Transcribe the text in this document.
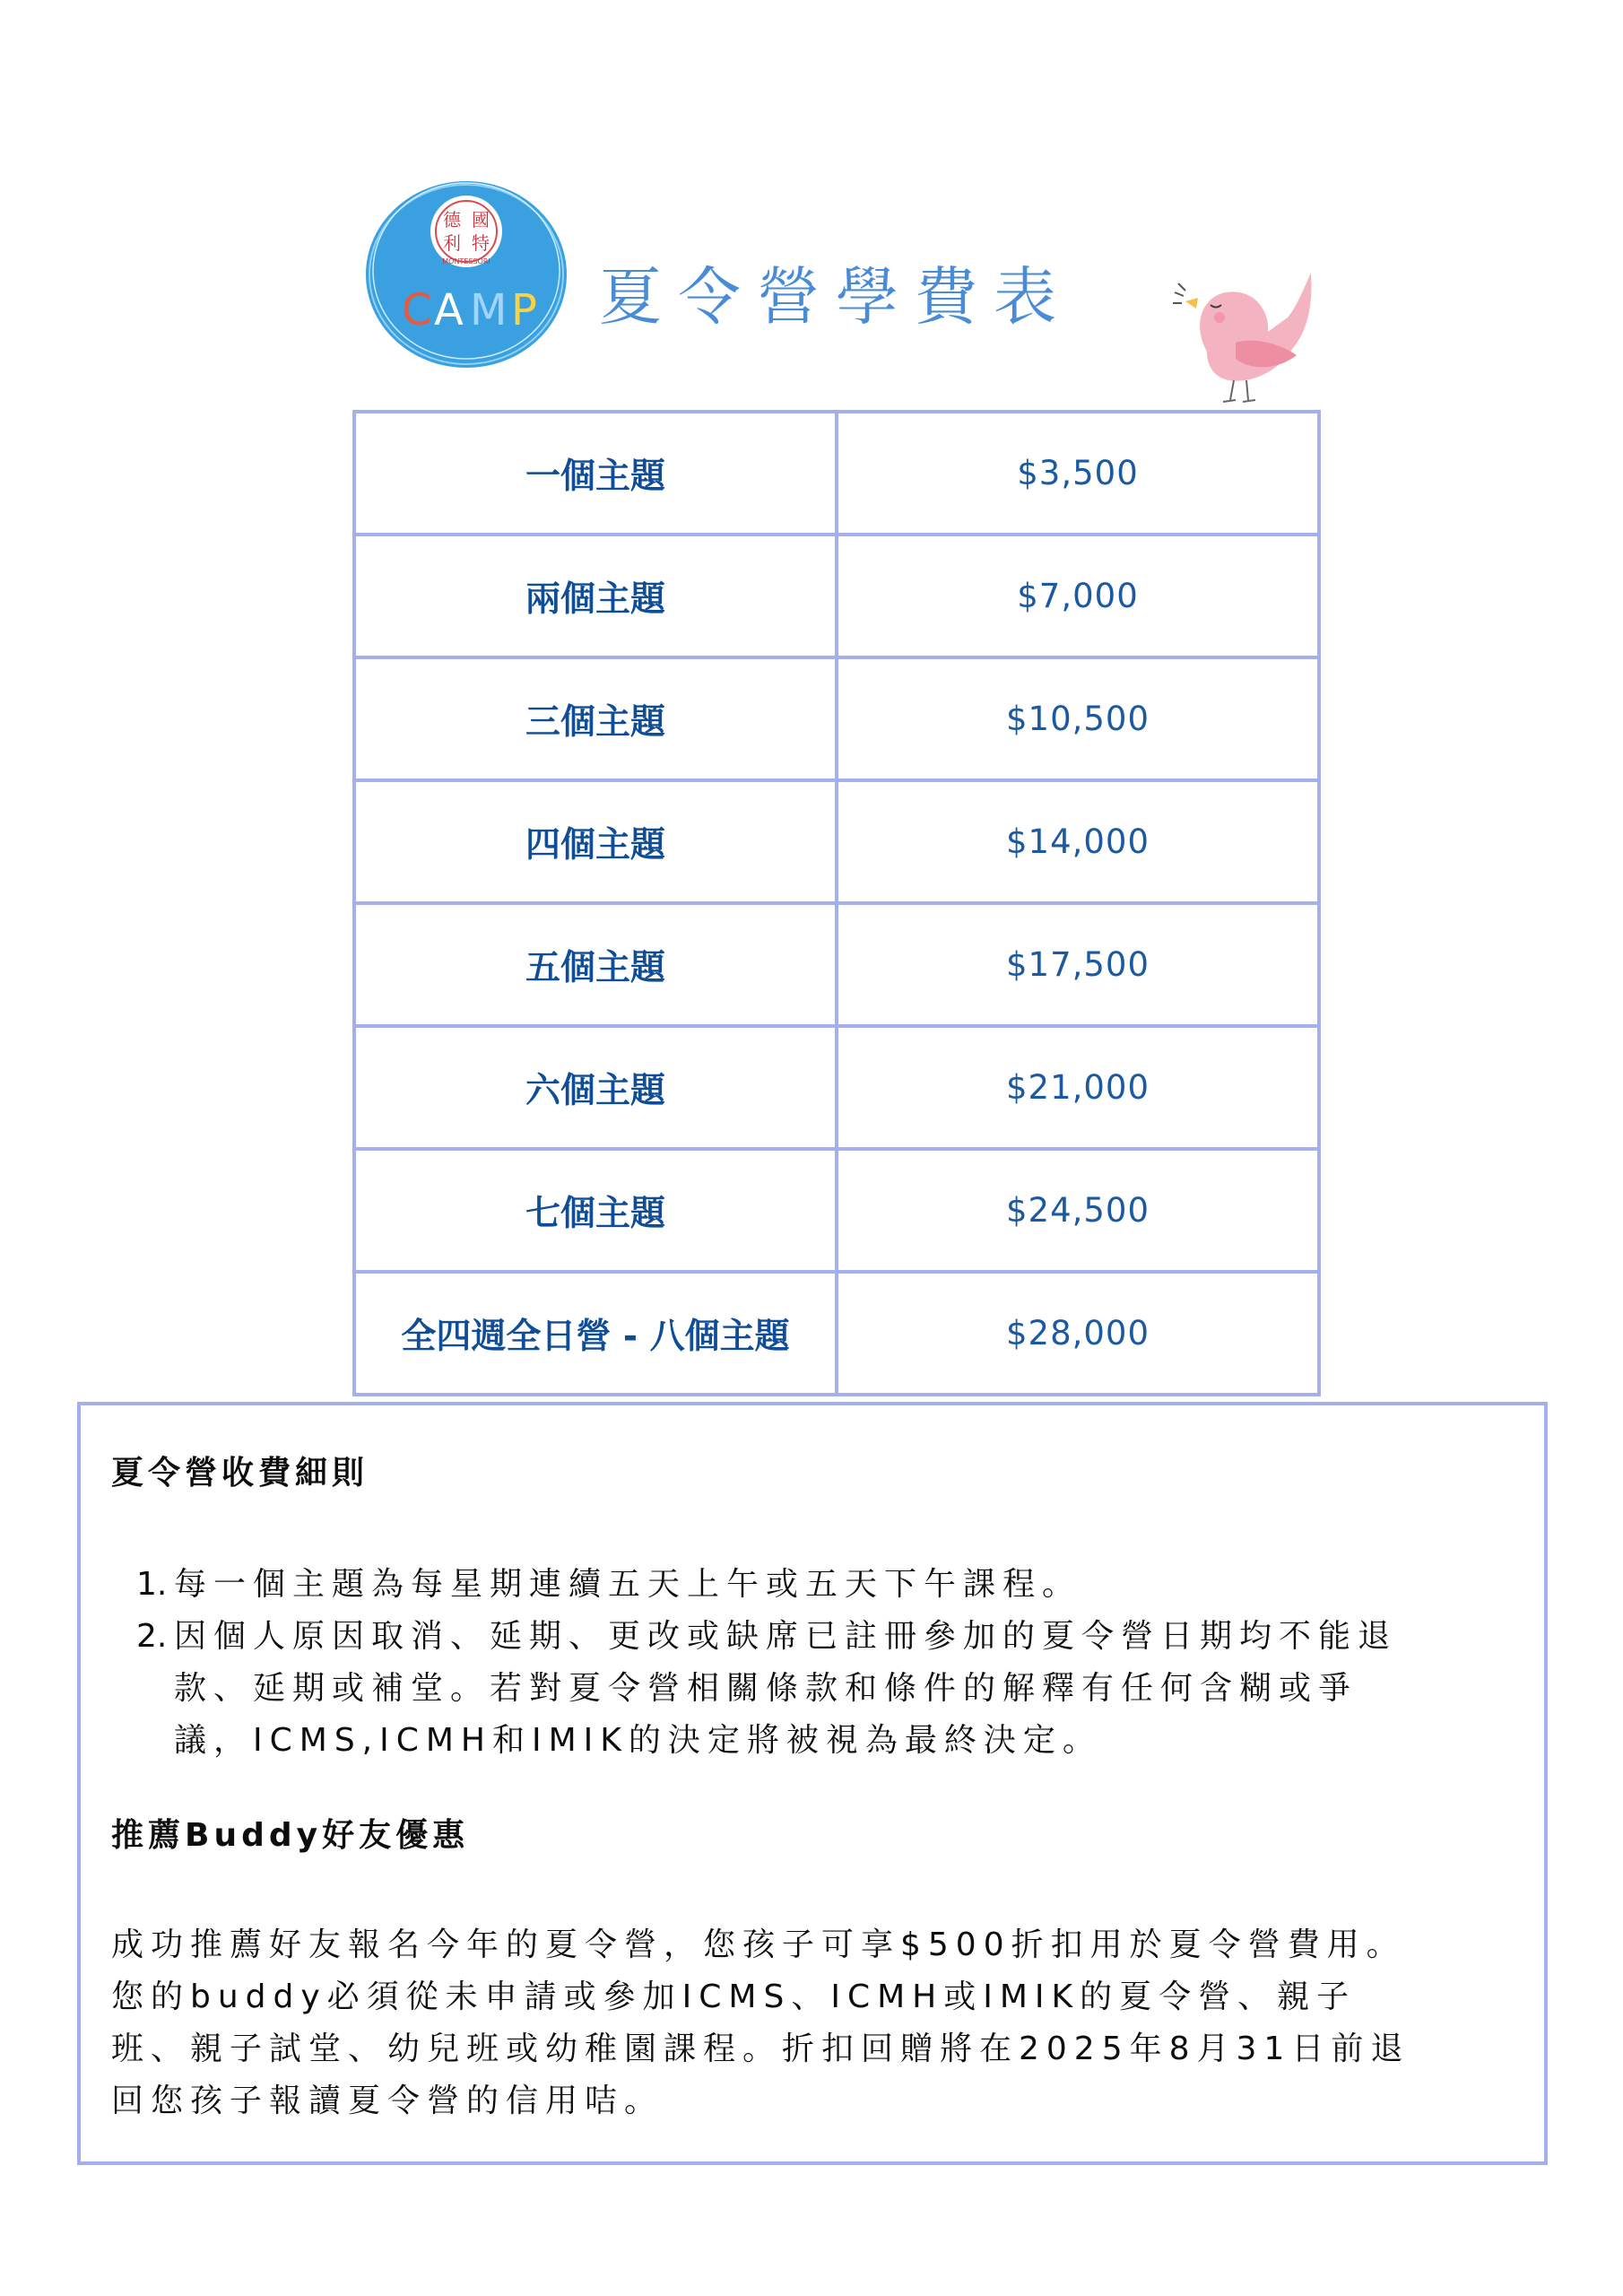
德 國
利 特
MONTESSORI
C A M P 夏令營學費表
一個主題	$3,500
兩個主題	$7,000
三個主題	$10,500
四個主題	$14,000
五個主題	$17,500
六個主題	$21,000
七個主題	$24,500
全四週全日營 - 八個主題	$28,000
夏令營收費細則
1. 每一個主題為每星期連續五天上午或五天下午課程。
2. 因個人原因取消、延期、更改或缺席已註冊參加的夏令營日期均不能退
款、延期或補堂。若對夏令營相關條款和條件的解釋有任何含糊或爭
議，ICMS,ICMH和IMIK的決定將被視為最終決定。
推薦Buddy好友優惠
成功推薦好友報名今年的夏令營，您孩子可享$500折扣用於夏令營費用。
您的buddy必須從未申請或參加ICMS、ICMH或IMIK的夏令營、親子
班、親子試堂、幼兒班或幼稚園課程。折扣回贈將在2025年8月31日前退
回您孩子報讀夏令營的信用咭。
